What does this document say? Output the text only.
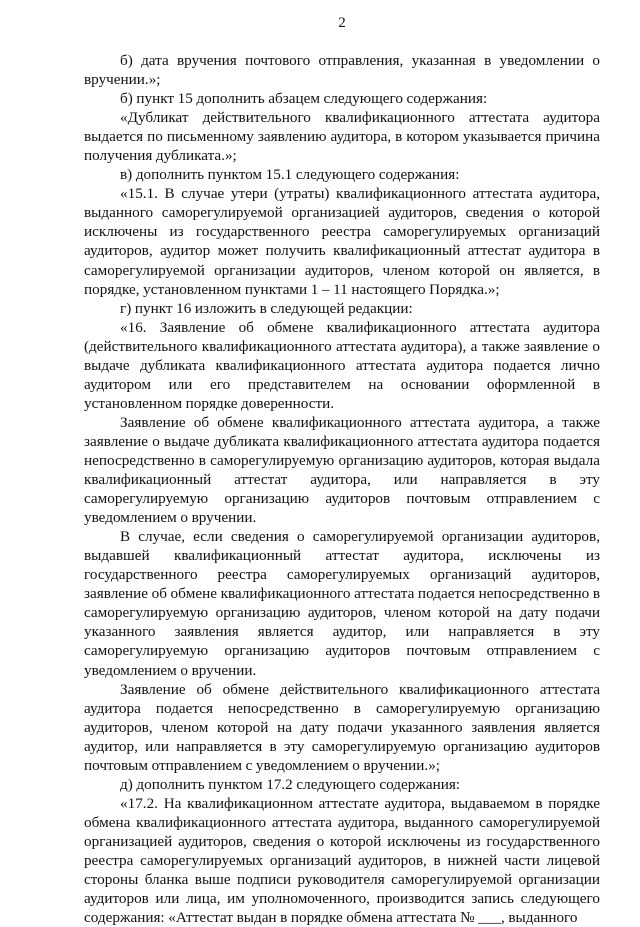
2

б) дата вручения почтового отправления, указанная в уведомлении о вручении.»;

б) пункт 15 дополнить абзацем следующего содержания:

«Дубликат действительного квалификационного аттестата аудитора выдается по письменному заявлению аудитора, в котором указывается причина получения дубликата.»;

в) дополнить пунктом 15.1 следующего содержания:

«15.1. В случае утери (утраты) квалификационного аттестата аудитора, выданного саморегулируемой организацией аудиторов, сведения о которой исключены из государственного реестра саморегулируемых организаций аудиторов, аудитор может получить квалификационный аттестат аудитора в саморегулируемой организации аудиторов, членом которой он является, в порядке, установленном пунктами 1 – 11 настоящего Порядка.»;

г) пункт 16 изложить в следующей редакции:

«16. Заявление об обмене квалификационного аттестата аудитора (действительного квалификационного аттестата аудитора), а также заявление о выдаче дубликата квалификационного аттестата аудитора подается лично аудитором или его представителем на основании оформленной в установленном порядке доверенности.

Заявление об обмене квалификационного аттестата аудитора, а также заявление о выдаче дубликата квалификационного аттестата аудитора подается непосредственно в саморегулируемую организацию аудиторов, которая выдала квалификационный аттестат аудитора, или направляется в эту саморегулируемую организацию аудиторов почтовым отправлением с уведомлением о вручении.

В случае, если сведения о саморегулируемой организации аудиторов, выдавшей квалификационный аттестат аудитора, исключены из государственного реестра саморегулируемых организаций аудиторов, заявление об обмене квалификационного аттестата подается непосредственно в саморегулируемую организацию аудиторов, членом которой на дату подачи указанного заявления является аудитор, или направляется в эту саморегулируемую организацию аудиторов почтовым отправлением с уведомлением о вручении.

Заявление об обмене действительного квалификационного аттестата аудитора подается непосредственно в саморегулируемую организацию аудиторов, членом которой на дату подачи указанного заявления является аудитор, или направляется в эту саморегулируемую организацию аудиторов почтовым отправлением с уведомлением о вручении.»;

д) дополнить пунктом 17.2 следующего содержания:

«17.2. На квалификационном аттестате аудитора, выдаваемом в порядке обмена квалификационного аттестата аудитора, выданного саморегулируемой организацией аудиторов, сведения о которой исключены из государственного реестра саморегулируемых организаций аудиторов, в нижней части лицевой стороны бланка выше подписи руководителя саморегулируемой организации аудиторов или лица, им уполномоченного, производится запись следующего содержания: «Аттестат выдан в порядке обмена аттестата № ___, выданного
